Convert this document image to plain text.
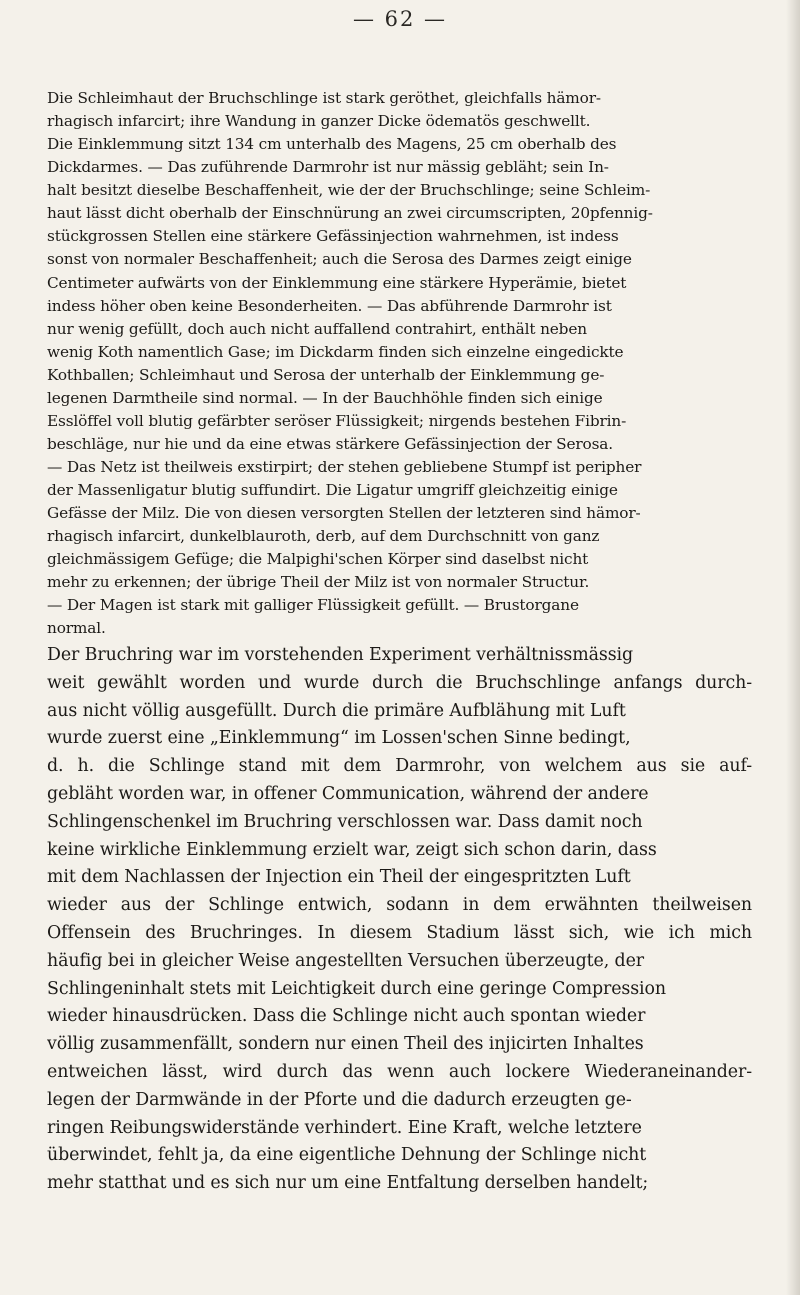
— 62 —
Die Schleimhaut der Bruchschlinge ist stark geröthet, gleichfalls hämor-
rhagisch infarcirt; ihre Wandung in ganzer Dicke ödematös geschwellt.
Die Einklemmung sitzt 134 cm unterhalb des Magens, 25 cm oberhalb des
Dickdarmes. — Das zuführende Darmrohr ist nur mässig gebläht; sein In-
halt besitzt dieselbe Beschaffenheit, wie der der Bruchschlinge; seine Schleim-
haut lässt dicht oberhalb der Einschnürung an zwei circumscripten, 20pfennig-
stückgrossen Stellen eine stärkere Gefässinjection wahrnehmen, ist indess
sonst von normaler Beschaffenheit; auch die Serosa des Darmes zeigt einige
Centimeter aufwärts von der Einklemmung eine stärkere Hyperämie, bietet
indess höher oben keine Besonderheiten. — Das abführende Darmrohr ist
nur wenig gefüllt, doch auch nicht auffallend contrahirt, enthält neben
wenig Koth namentlich Gase; im Dickdarm finden sich einzelne eingedickte
Kothballen; Schleimhaut und Serosa der unterhalb der Einklemmung ge-
legenen Darmtheile sind normal. — In der Bauchhöhle finden sich einige
Esslöffel voll blutig gefärbter seröser Flüssigkeit; nirgends bestehen Fibrin-
beschläge, nur hie und da eine etwas stärkere Gefässinjection der Serosa.
— Das Netz ist theilweis exstirpirt; der stehen gebliebene Stumpf ist peripher
der Massenligatur blutig suffundirt. Die Ligatur umgriff gleichzeitig einige
Gefässe der Milz. Die von diesen versorgten Stellen der letzteren sind hämor-
rhagisch infarcirt, dunkelblauroth, derb, auf dem Durchschnitt von ganz
gleichmässigem Gefüge; die Malpighi'schen Körper sind daselbst nicht
mehr zu erkennen; der übrige Theil der Milz ist von normaler Structur.
— Der Magen ist stark mit galliger Flüssigkeit gefüllt. — Brustorgane
normal.
Der Bruchring war im vorstehenden Experiment verhältnissmässig
weit gewählt worden und wurde durch die Bruchschlinge anfangs durch-
aus nicht völlig ausgefüllt. Durch die primäre Aufblähung mit Luft
wurde zuerst eine „Einklemmung“ im Lossen'schen Sinne bedingt,
d. h. die Schlinge stand mit dem Darmrohr, von welchem aus sie auf-
gebläht worden war, in offener Communication, während der andere
Schlingenschenkel im Bruchring verschlossen war. Dass damit noch
keine wirkliche Einklemmung erzielt war, zeigt sich schon darin, dass
mit dem Nachlassen der Injection ein Theil der eingespritzten Luft
wieder aus der Schlinge entwich, sodann in dem erwähnten theilweisen
Offensein des Bruchringes. In diesem Stadium lässt sich, wie ich mich
häufig bei in gleicher Weise angestellten Versuchen überzeugte, der
Schlingeninhalt stets mit Leichtigkeit durch eine geringe Compression
wieder hinausdrücken. Dass die Schlinge nicht auch spontan wieder
völlig zusammenfällt, sondern nur einen Theil des injicirten Inhaltes
entweichen lässt, wird durch das wenn auch lockere Wiederaneinander-
legen der Darmwände in der Pforte und die dadurch erzeugten ge-
ringen Reibungswiderstände verhindert. Eine Kraft, welche letztere
überwindet, fehlt ja, da eine eigentliche Dehnung der Schlinge nicht
mehr statthat und es sich nur um eine Entfaltung derselben handelt;
